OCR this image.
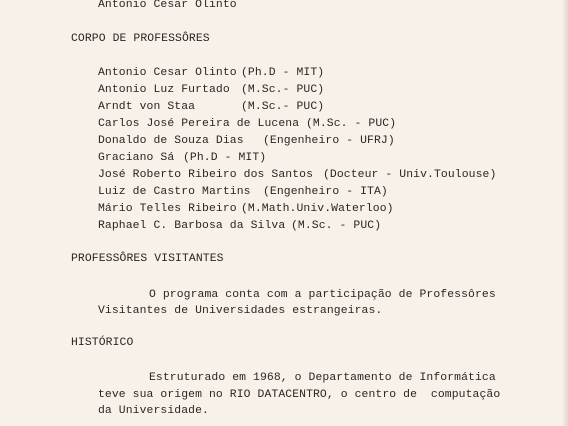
Antonio Cesar Olinto
CORPO DE PROFESSÔRES
Antonio Cesar Olinto (Ph.D - MIT)
Antonio Luz Furtado (M.Sc.- PUC)
Arndt von Staa	(M.Sc.- PUC)
Carlos José Pereira de Lucena (M.Sc. - PUC)
Donaldo de Souza Dias (Engenheiro - UFRJ)
Graciano Sá (Ph.D - MIT)
José Roberto Ribeiro dos Santos (Docteur - Univ.Toulouse)
Luiz de Castro Martins (Engenheiro - ITA)
Mário Telles Ribeiro (M.Math.Univ.Waterloo)
Raphael C. Barbosa da Silva (M.Sc. - PUC)
PROFESSÔRES VISITANTES
O programa conta com a participação de Professôres
Visitantes de Universidades estrangeiras.
HISTÓRICO
Estruturado em 1968, o Departamento de Informática
teve sua origem no RIO DATACENTRO, o centro de  computação
da Universidade.
